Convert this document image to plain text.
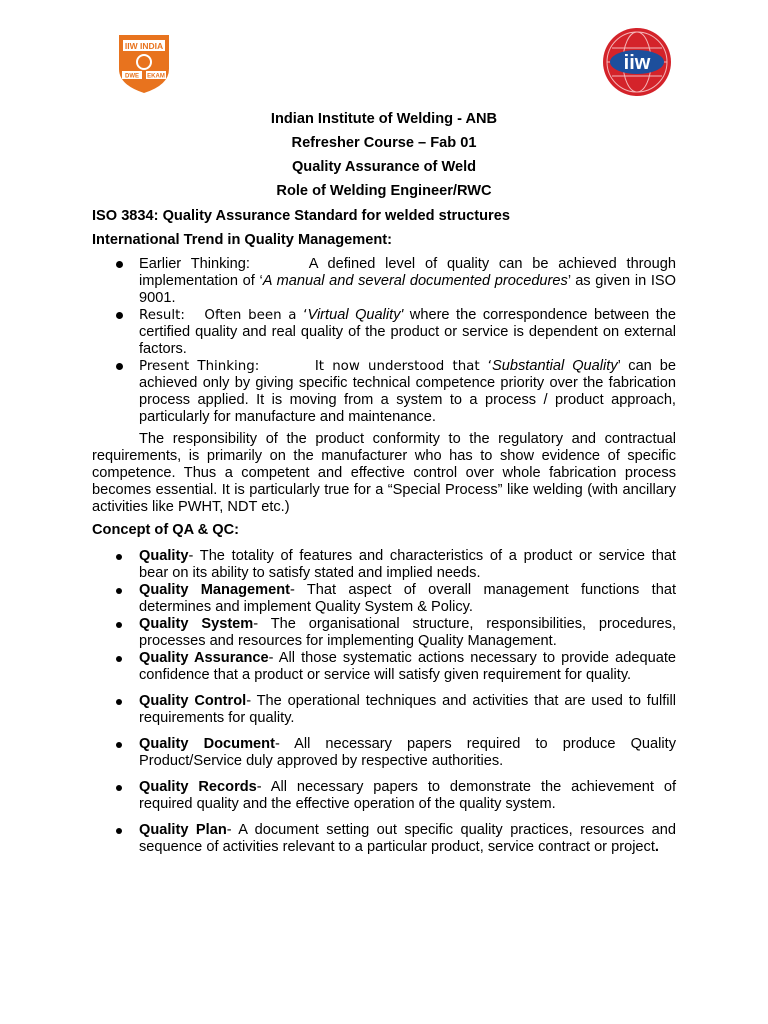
IIW INDIA
DWE EKAM
iiw
Indian Institute of Welding - ANB
Refresher Course – Fab 01
Quality Assurance of Weld
Role of Welding Engineer/RWC
ISO 3834: Quality Assurance Standard for welded structures
International Trend in Quality Management:
Earlier Thinking:	A defined level of quality can be achieved through implementation of ‘A manual and several documented procedures’ as given in ISO 9001.
Result: Often been a ‘Virtual Quality' where the correspondence between the certified quality and real quality of the product or service is dependent on external factors.
Present Thinking:	It now understood that ‘Substantial Quality’ can be achieved only by giving specific technical competence priority over the fabrication process applied. It is moving from a system to a process / product approach, particularly for manufacture and maintenance.
The responsibility of the product conformity to the regulatory and contractual requirements, is primarily on the manufacturer who has to show evidence of specific competence. Thus a competent and effective control over whole fabrication process becomes essential. It is particularly true for a “Special Process” like welding (with ancillary activities like PWHT, NDT etc.)
Concept of QA & QC:
Quality- The totality of features and characteristics of a product or service that bear on its ability to satisfy stated and implied needs.
Quality Management- That aspect of overall management functions that determines and implement Quality System & Policy.
Quality System- The organisational structure, responsibilities, procedures, processes and resources for implementing Quality Management.
Quality Assurance- All those systematic actions necessary to provide adequate confidence that a product or service will satisfy given requirement for quality.
Quality Control- The operational techniques and activities that are used to fulfill requirements for quality.
Quality Document- All necessary papers required to produce Quality Product/Service duly approved by respective authorities.
Quality Records- All necessary papers to demonstrate the achievement of required quality and the effective operation of the quality system.
Quality Plan- A document setting out specific quality practices, resources and sequence of activities relevant to a particular product, service contract or project.
